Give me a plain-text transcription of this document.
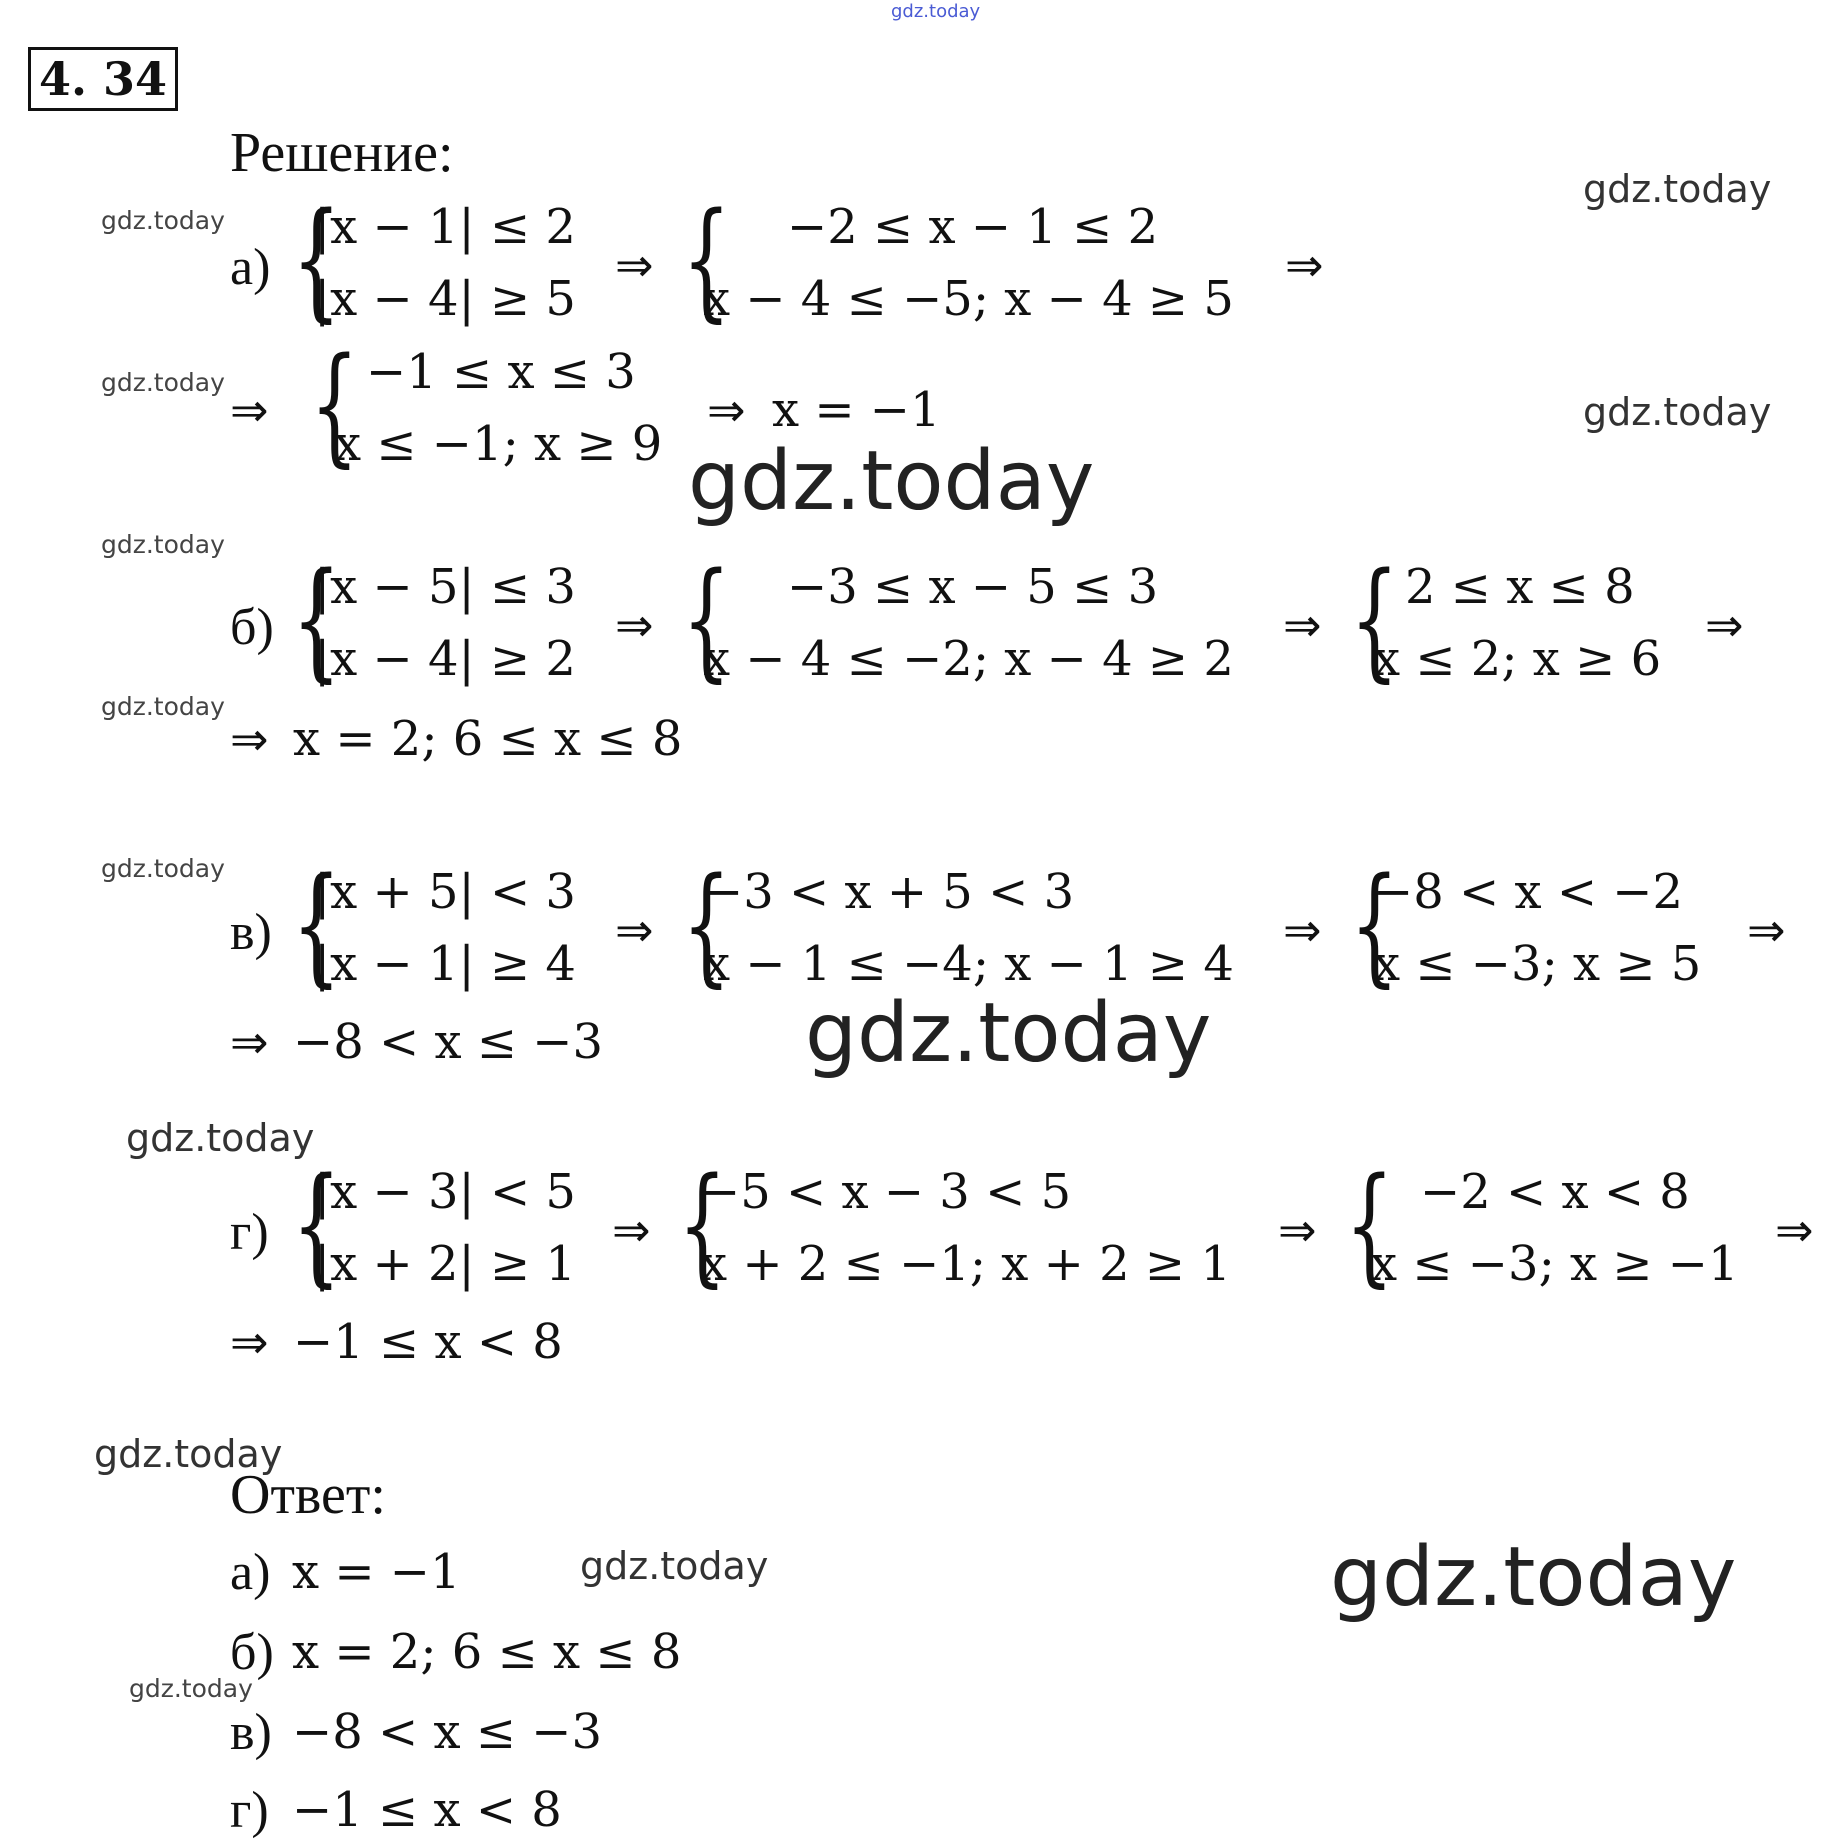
gdz.today
4. 34
Решение:
gdz.today
gdz.today
gdz.today
gdz.today
gdz.today
gdz.today
gdz.today
gdz.today
gdz.today
gdz.today
gdz.today
gdz.today	gdz.today
gdz.today
а) {
|x − 1| ≤ 2
|x − 4| ≥ 5
⇒ { −2 ≤ x − 1 ≤ 2
x − 4 ≤ −5; x − 4 ≥ 5
⇒
⇒ { −1 ≤ x ≤ 3
x ≤ −1; x ≥ 9
⇒ x = −1
б) {
|x − 5| ≤ 3
|x − 4| ≥ 2
⇒ { −3 ≤ x − 5 ≤ 3
x − 4 ≤ −2; x − 4 ≥ 2
⇒ { 2 ≤ x ≤ 8
x ≤ 2; x ≥ 6
⇒
⇒ x = 2; 6 ≤ x ≤ 8
в) {
|x + 5| < 3
|x − 1| ≥ 4
⇒ {
−3 < x + 5 < 3
x − 1 ≤ −4; x − 1 ≥ 4
⇒ {
−8 < x < −2
x ≤ −3; x ≥ 5
⇒
⇒ −8 < x ≤ −3
г) {
|x − 3| < 5
|x + 2| ≥ 1
⇒ {
−5 < x − 3 < 5
x + 2 ≤ −1; x + 2 ≥ 1
⇒ { −2 < x < 8
x ≤ −3; x ≥ −1
⇒
⇒ −1 ≤ x < 8
Ответ:
а) x = −1
б) x = 2; 6 ≤ x ≤ 8
в) −8 < x ≤ −3
г) −1 ≤ x < 8
